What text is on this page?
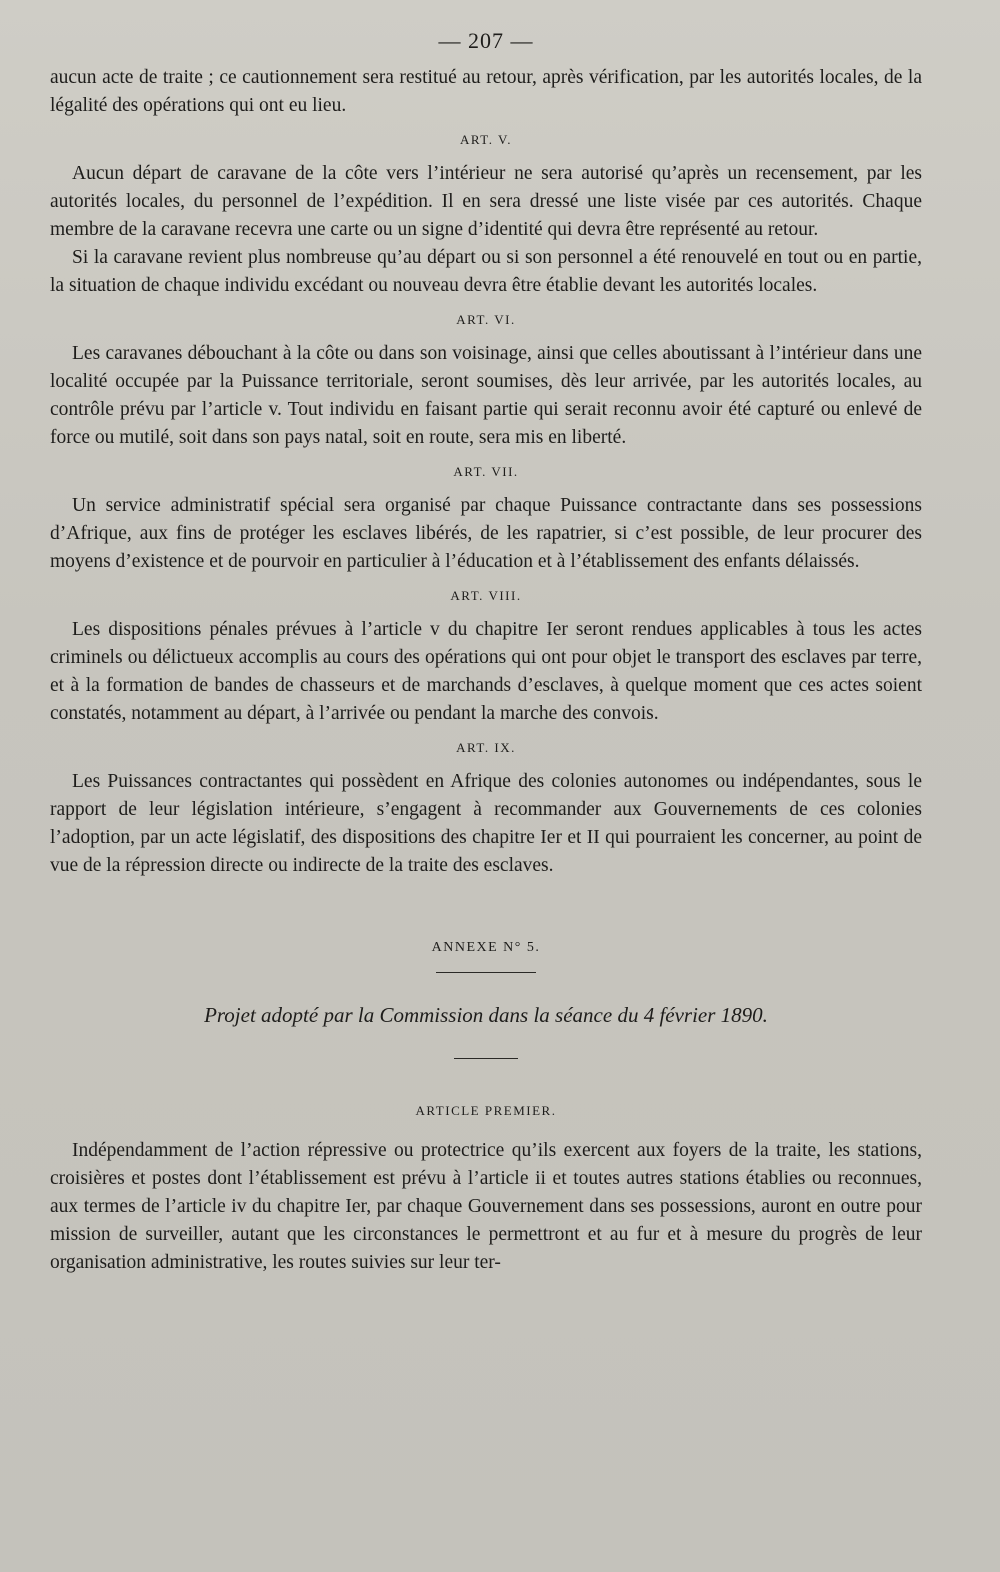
— 207 —

aucun acte de traite ; ce cautionnement sera restitué au retour, après vérification, par les autorités locales, de la légalité des opérations qui ont eu lieu.

ART. V.

Aucun départ de caravane de la côte vers l’intérieur ne sera autorisé qu’après un recensement, par les autorités locales, du personnel de l’expédition. Il en sera dressé une liste visée par ces autorités. Chaque membre de la caravane recevra une carte ou un signe d’identité qui devra être représenté au retour.

Si la caravane revient plus nombreuse qu’au départ ou si son personnel a été renouvelé en tout ou en partie, la situation de chaque individu excédant ou nouveau devra être établie devant les autorités locales.

ART. VI.

Les caravanes débouchant à la côte ou dans son voisinage, ainsi que celles aboutissant à l’intérieur dans une localité occupée par la Puissance territoriale, seront soumises, dès leur arrivée, par les autorités locales, au contrôle prévu par l’article v. Tout individu en faisant partie qui serait reconnu avoir été capturé ou enlevé de force ou mutilé, soit dans son pays natal, soit en route, sera mis en liberté.

ART. VII.

Un service administratif spécial sera organisé par chaque Puissance contractante dans ses possessions d’Afrique, aux fins de protéger les esclaves libérés, de les rapatrier, si c’est possible, de leur procurer des moyens d’existence et de pourvoir en particulier à l’éducation et à l’établissement des enfants délaissés.

ART. VIII.

Les dispositions pénales prévues à l’article v du chapitre Ier seront rendues applicables à tous les actes criminels ou délictueux accomplis au cours des opérations qui ont pour objet le transport des esclaves par terre, et à la formation de bandes de chasseurs et de marchands d’esclaves, à quelque moment que ces actes soient constatés, notamment au départ, à l’arrivée ou pendant la marche des convois.

ART. IX.

Les Puissances contractantes qui possèdent en Afrique des colonies autonomes ou indépendantes, sous le rapport de leur législation intérieure, s’engagent à recommander aux Gouvernements de ces colonies l’adoption, par un acte législatif, des dispositions des chapitre Ier et II qui pourraient les concerner, au point de vue de la répression directe ou indirecte de la traite des esclaves.

ANNEXE N° 5.
Projet adopté par la Commission dans la séance du 4 février 1890.
ARTICLE PREMIER.

Indépendamment de l’action répressive ou protectrice qu’ils exercent aux foyers de la traite, les stations, croisières et postes dont l’établissement est prévu à l’article ii et toutes autres stations établies ou reconnues, aux termes de l’article iv du chapitre Ier, par chaque Gouvernement dans ses possessions, auront en outre pour mission de surveiller, autant que les circonstances le permettront et au fur et à mesure du progrès de leur organisation administrative, les routes suivies sur leur ter-
